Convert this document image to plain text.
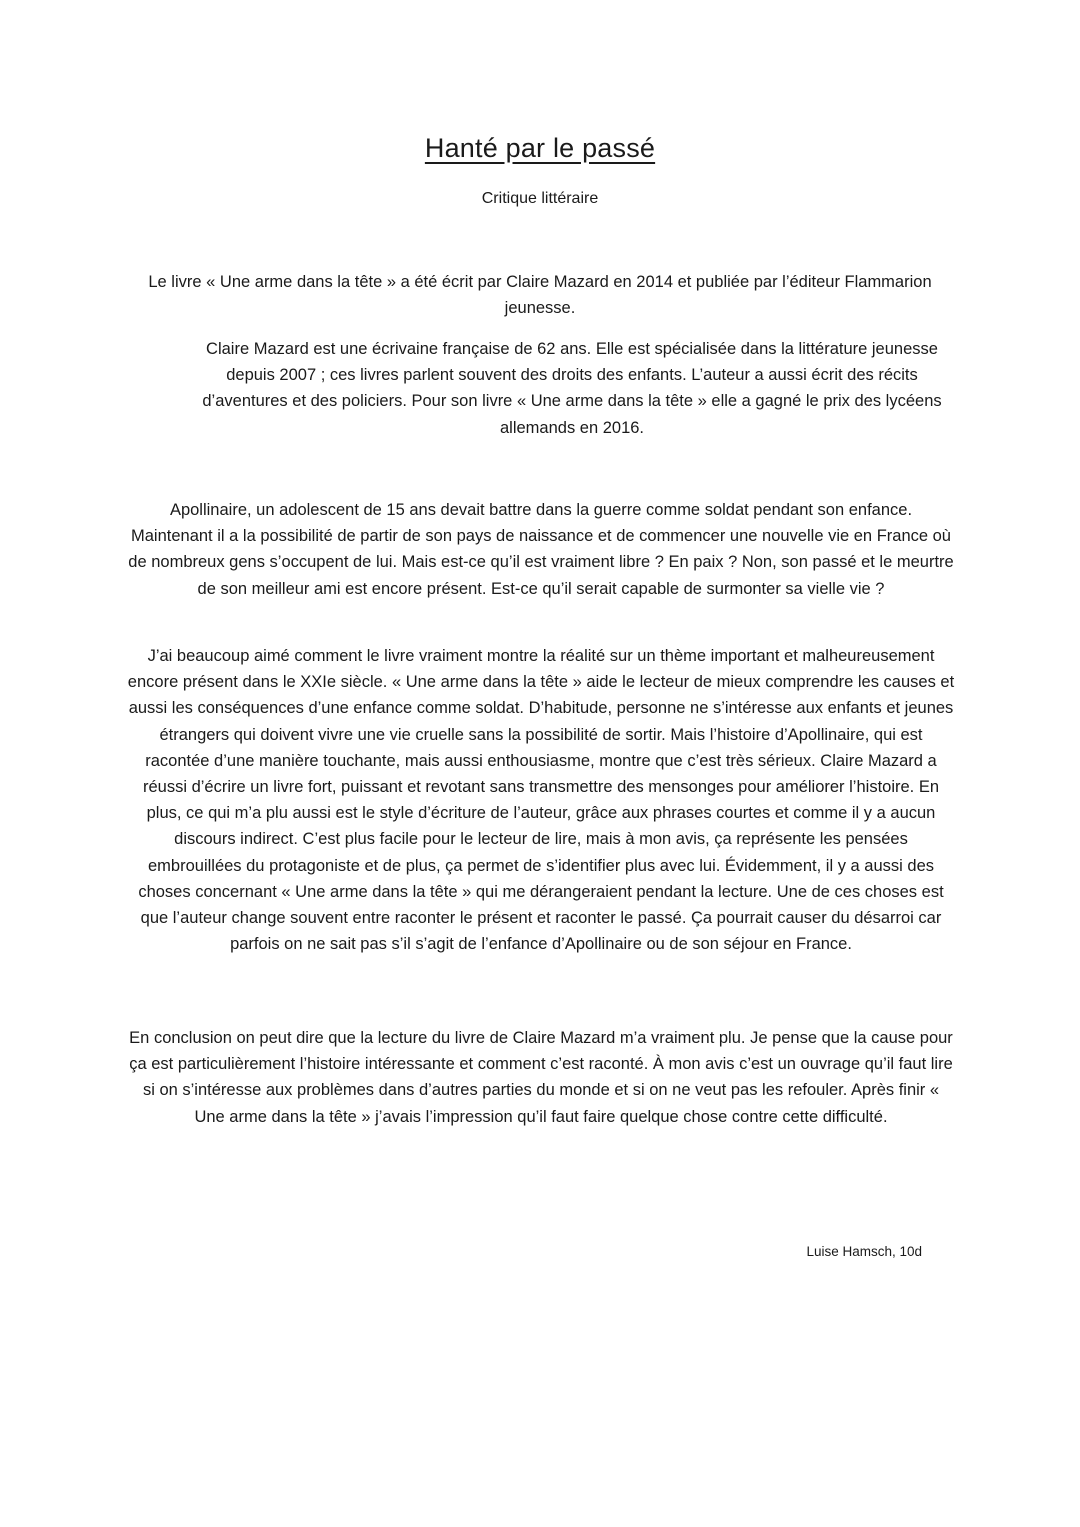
Hanté par le passé

Critique littéraire

Le livre « Une arme dans la tête » a été écrit par Claire Mazard en 2014 et publiée par l’éditeur Flammarion jeunesse.

Claire Mazard est une écrivaine française de 62 ans. Elle est spécialisée dans la littérature jeunesse depuis 2007 ; ces livres parlent souvent des droits des enfants. L’auteur a aussi écrit des récits d’aventures et des policiers. Pour son livre « Une arme dans la tête » elle a gagné le prix des lycéens allemands en 2016.

Apollinaire, un adolescent de 15 ans devait battre dans la guerre comme soldat pendant son enfance. Maintenant il a la possibilité de partir de son pays de naissance et de commencer une nouvelle vie en France où de nombreux gens s’occupent de lui. Mais est-ce qu’il est vraiment libre ? En paix ? Non, son passé et le meurtre de son meilleur ami est encore présent. Est-ce qu’il serait capable de surmonter sa vielle vie ?

J’ai beaucoup aimé comment le livre vraiment montre la réalité sur un thème important et malheureusement encore présent dans le XXIe siècle. « Une arme dans la tête » aide le lecteur de mieux comprendre les causes et aussi les conséquences d’une enfance comme soldat. D’habitude, personne ne s’intéresse aux enfants et jeunes étrangers qui doivent vivre une vie cruelle sans la possibilité de sortir. Mais l’histoire d’Apollinaire, qui est racontée d’une manière touchante, mais aussi enthousiasme, montre que c’est très sérieux. Claire Mazard a réussi d’écrire un livre fort, puissant et revotant sans transmettre des mensonges pour améliorer l’histoire. En plus, ce qui m’a plu aussi est le style d’écriture de l’auteur, grâce aux phrases courtes et comme il y a aucun discours indirect. C’est plus facile pour le lecteur de lire, mais à mon avis, ça représente les pensées embrouillées du protagoniste et de plus, ça permet de s’identifier plus avec lui. Évidemment, il y a aussi des choses concernant « Une arme dans la tête » qui me dérangeraient pendant la lecture. Une de ces choses est que l’auteur change souvent entre raconter le présent et raconter le passé. Ça pourrait causer du désarroi car parfois on ne sait pas s’il s’agit de l’enfance d’Apollinaire ou de son séjour en France.

En conclusion on peut dire que la lecture du livre de Claire Mazard m’a vraiment plu. Je pense que la cause pour ça est particulièrement l’histoire intéressante et comment c’est raconté. À mon avis c’est un ouvrage qu’il faut lire si on s’intéresse aux problèmes dans d’autres parties du monde et si on ne veut pas les refouler. Après finir « Une arme dans la tête » j’avais l’impression qu’il faut faire quelque chose contre cette difficulté.

Luise Hamsch, 10d
